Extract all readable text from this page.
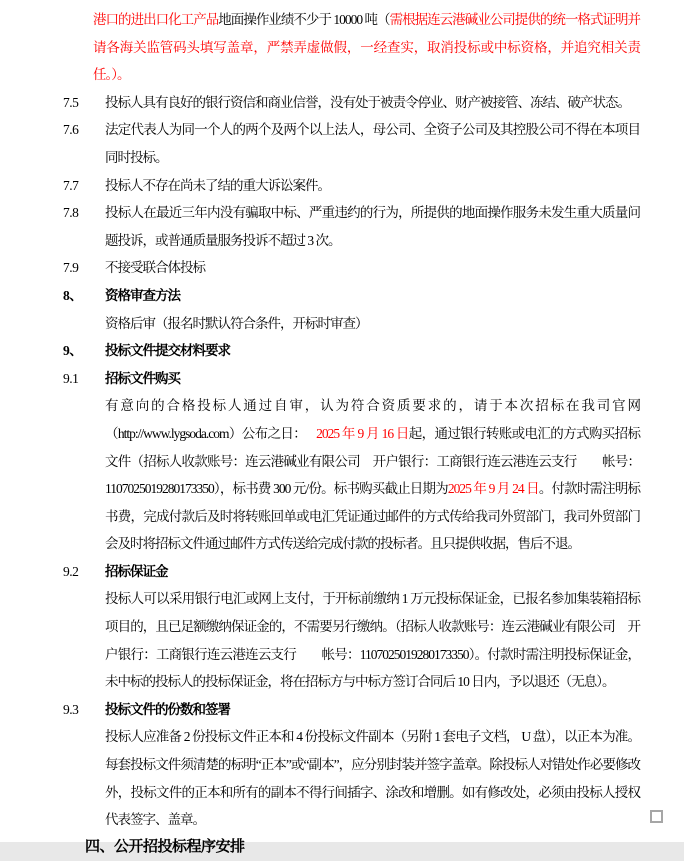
港口的进出口化工产品地面操作业绩不少于 10000 吨（需根据连云港碱业公司提供的统一格式证明并请各海关监管码头填写盖章，严禁弄虚做假，一经查实，取消投标或中标资格，并追究相关责任。）。
7.5	投标人具有良好的银行资信和商业信誉，没有处于被责令停业、财产被接管、冻结、破产状态。
7.6	法定代表人为同一个人的两个及两个以上法人，母公司、全资子公司及其控股公司不得在本项目同时投标。
7.7	投标人不存在尚未了结的重大诉讼案件。
7.8	投标人在最近三年内没有骗取中标、严重违约的行为，所提供的地面操作服务未发生重大质量问题投诉，或普通质量服务投诉不超过 3 次。
7.9	不接受联合体投标
8、	资格审查方法
资格后审（报名时默认符合条件，开标时审查）
9、	投标文件提交材料要求
9.1	招标文件购买
有意向的合格投标人通过自审，认为符合资质要求的，请于本次招标在我司官网（http://www.lygsoda.com）公布之日： 2025 年 9 月 16 日起，通过银行转账或电汇的方式购买招标文件（招标人收款账号：连云港碱业有限公司　开户银行：工商银行连云港连云支行　　帐号：1107025019280173350），标书费 300 元/份。标书购买截止日期为2025 年 9 月 24 日。付款时需注明标书费，完成付款后及时将转账回单或电汇凭证通过邮件的方式传给我司外贸部门，我司外贸部门会及时将招标文件通过邮件方式传送给完成付款的投标者。且只提供收据，售后不退。
9.2	招标保证金
投标人可以采用银行电汇或网上支付，于开标前缴纳 1 万元投标保证金，已报名参加集装箱招标项目的，且已足额缴纳保证金的，不需要另行缴纳。（招标人收款账号：连云港碱业有限公司　开户银行：工商银行连云港连云支行　　帐号：1107025019280173350）。付款时需注明投标保证金，未中标的投标人的投标保证金，将在招标方与中标方签订合同后 10 日内，予以退还（无息）。
9.3	投标文件的份数和签署
投标人应准备 2 份投标文件正本和 4 份投标文件副本（另附 1 套电子文档， U 盘），以正本为准。每套投标文件须清楚的标明“正本”或“副本”，应分别封装并签字盖章。除投标人对错处作必要修改外，投标文件的正本和所有的副本不得行间插字、涂改和增删。如有修改处，必须由投标人授权代表签字、盖章。
四、公开招投标程序安排
